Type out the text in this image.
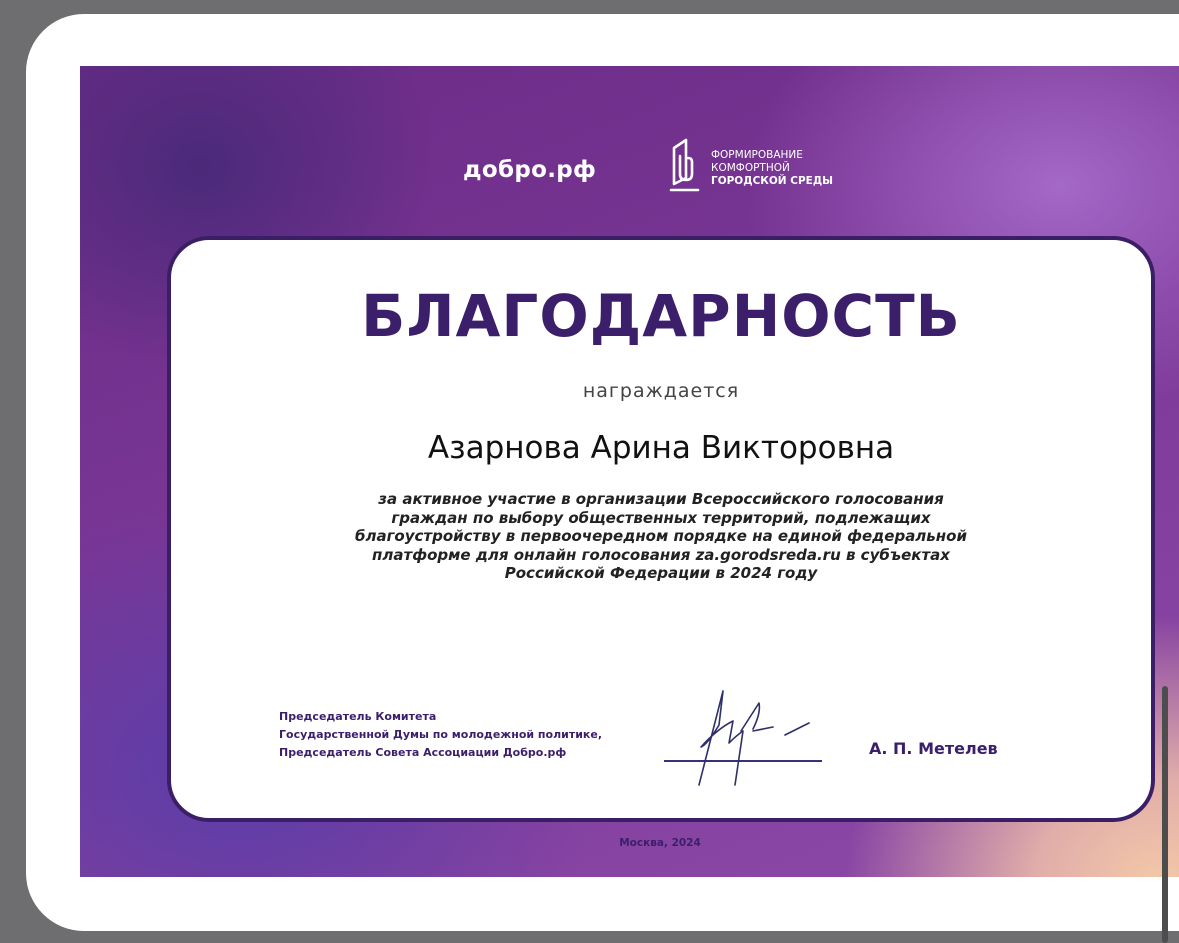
добро.рф
ФОРМИРОВАНИЕ
КОМФОРТНОЙ
ГОРОДСКОЙ СРЕДЫ
БЛАГОДАРНОСТЬ
награждается
Азарнова Арина Викторовна
за активное участие в организации Всероссийского голосования
граждан по выбору общественных территорий, подлежащих
благоустройству в первоочередном порядке на единой федеральной
платформе для онлайн голосования za.gorodsreda.ru в субъектах
Российской Федерации в 2024 году
Председатель Комитета
Государственной Думы по молодежной политике,
Председатель Совета Ассоциации Добро.рф	А. П. Метелев
Москва, 2024
